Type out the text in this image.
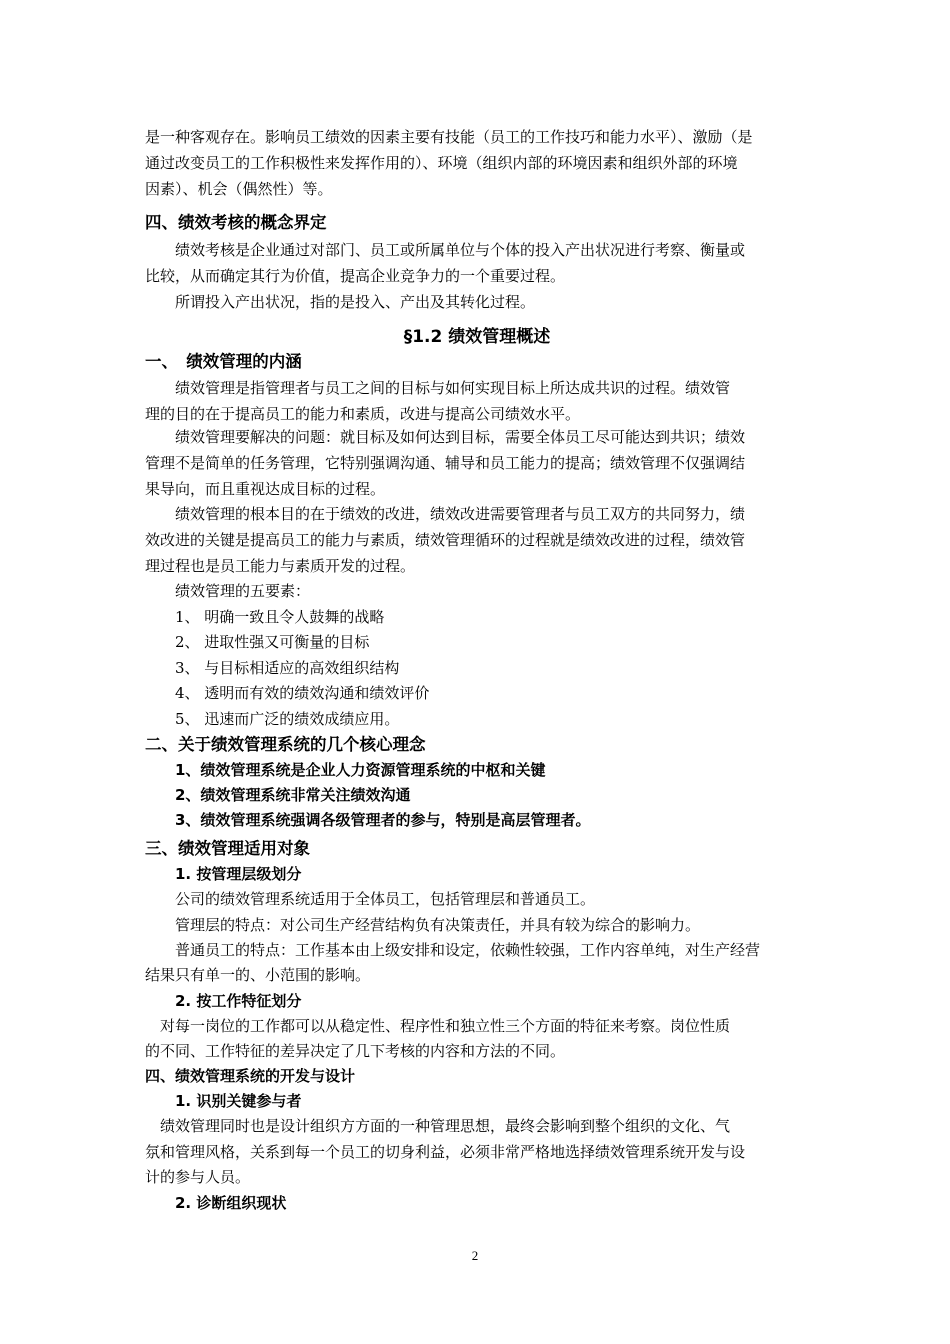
是一种客观存在。影响员工绩效的因素主要有技能（员工的工作技巧和能力水平）、激励（是
通过改变员工的工作积极性来发挥作用的）、环境（组织内部的环境因素和组织外部的环境
因素）、机会（偶然性）等。
四、绩效考核的概念界定
　　绩效考核是企业通过对部门、员工或所属单位与个体的投入产出状况进行考察、衡量或
比较，从而确定其行为价值，提高企业竞争力的一个重要过程。
　　所谓投入产出状况，指的是投入、产出及其转化过程。
§1.2 绩效管理概述
一、　绩效管理的内涵
　　绩效管理是指管理者与员工之间的目标与如何实现目标上所达成共识的过程。绩效管
理的目的在于提高员工的能力和素质，改进与提高公司绩效水平。
　　绩效管理要解决的问题：就目标及如何达到目标，需要全体员工尽可能达到共识；绩效
管理不是简单的任务管理，它特别强调沟通、辅导和员工能力的提高；绩效管理不仅强调结
果导向，而且重视达成目标的过程。
　　绩效管理的根本目的在于绩效的改进，绩效改进需要管理者与员工双方的共同努力，绩
效改进的关键是提高员工的能力与素质，绩效管理循环的过程就是绩效改进的过程，绩效管
理过程也是员工能力与素质开发的过程。
　　绩效管理的五要素：
　　1、 明确一致且令人鼓舞的战略
　　2、 进取性强又可衡量的目标
　　3、 与目标相适应的高效组织结构
　　4、 透明而有效的绩效沟通和绩效评价
　　5、 迅速而广泛的绩效成绩应用。
二、关于绩效管理系统的几个核心理念
　　1、绩效管理系统是企业人力资源管理系统的中枢和关键
　　2、绩效管理系统非常关注绩效沟通
　　3、绩效管理系统强调各级管理者的参与，特别是高层管理者。
三、绩效管理适用对象
　　1. 按管理层级划分
　　公司的绩效管理系统适用于全体员工，包括管理层和普通员工。
　　管理层的特点：对公司生产经营结构负有决策责任，并具有较为综合的影响力。
　　普通员工的特点：工作基本由上级安排和设定，依赖性较强，工作内容单纯，对生产经营
结果只有单一的、小范围的影响。
　　2. 按工作特征划分
　对每一岗位的工作都可以从稳定性、程序性和独立性三个方面的特征来考察。岗位性质
的不同、工作特征的差异决定了几下考核的内容和方法的不同。
四、绩效管理系统的开发与设计
　　1. 识别关键参与者
　绩效管理同时也是设计组织方方面的一种管理思想，最终会影响到整个组织的文化、气
氛和管理风格，关系到每一个员工的切身利益，必须非常严格地选择绩效管理系统开发与设
计的参与人员。
　　2. 诊断组织现状
2
